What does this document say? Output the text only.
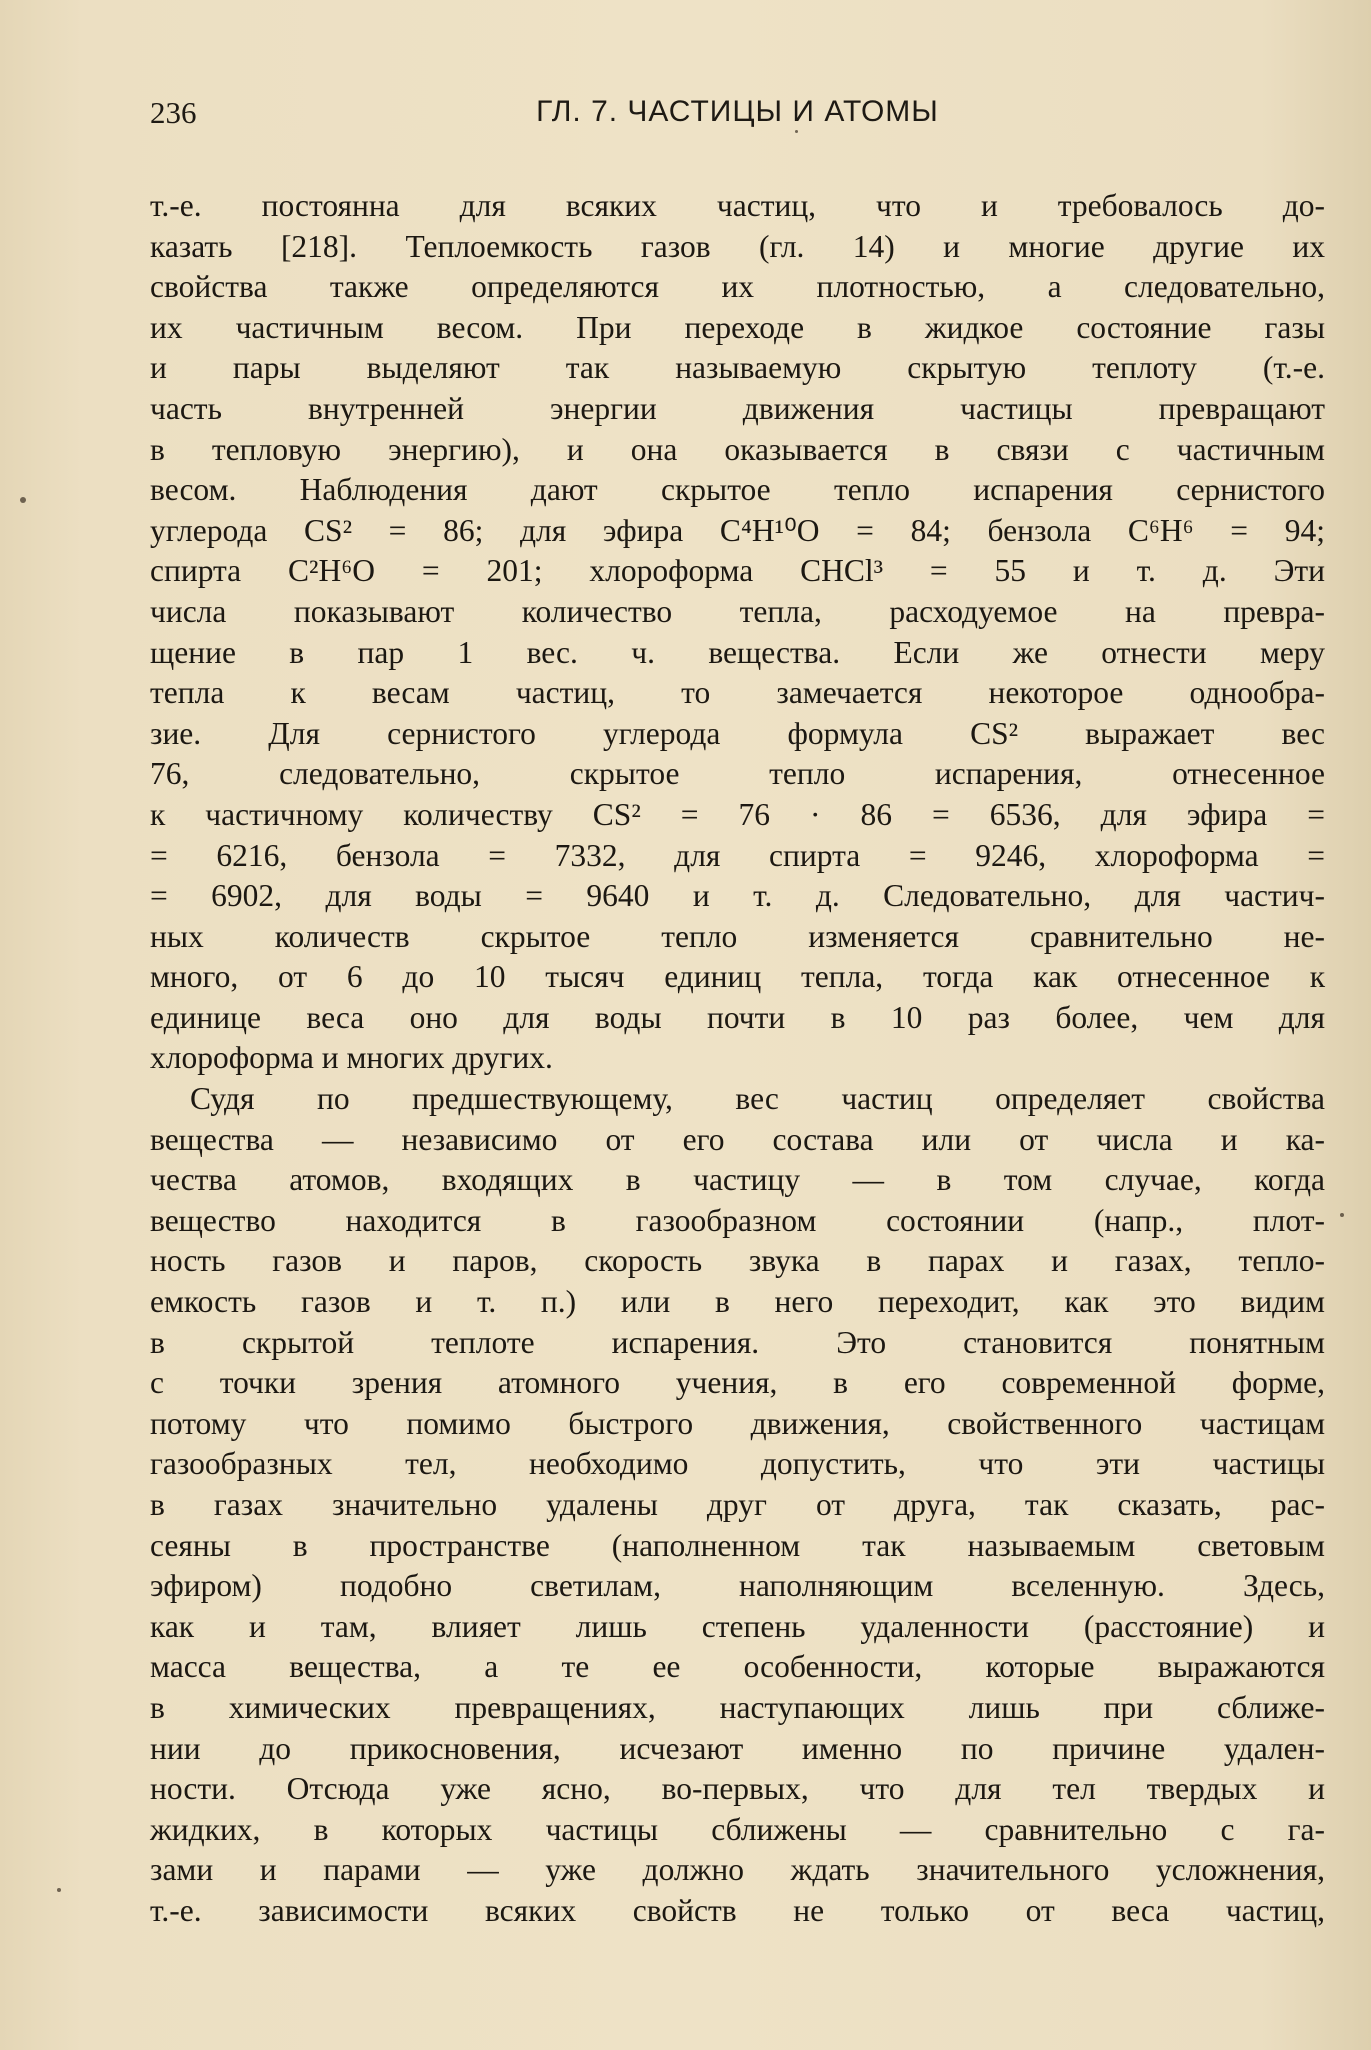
236	ГЛ. 7. ЧАСТИЦЫ И АТОМЫ
т.-е. постоянна для всяких частиц, что и требовалось до-
казать [218]. Теплоемкость газов (гл. 14) и многие другие их
свойства также определяются их плотностью, а следовательно,
их частичным весом. При переходе в жидкое состояние газы
и пары выделяют так называемую скрытую теплоту (т.-е.
часть внутренней энергии движения частицы превращают
в тепловую энергию), и она оказывается в связи с частичным
весом. Наблюдения дают скрытое тепло испарения сернистого
углерода CS² = 86; для эфира C⁴H¹⁰O = 84; бензола C⁶H⁶ = 94;
спирта C²H⁶O = 201; хлороформа CHCl³ = 55 и т. д. Эти
числа показывают количество тепла, расходуемое на превра-
щение в пар 1 вес. ч. вещества. Если же отнести меру
тепла к весам частиц, то замечается некоторое однообра-
зие. Для сернистого углерода формула CS² выражает вес
76, следовательно, скрытое тепло испарения, отнесенное
к частичному количеству CS² = 76 · 86 = 6536, для эфира =
= 6216, бензола = 7332, для спирта = 9246, хлороформа =
= 6902, для воды = 9640 и т. д. Следовательно, для частич-
ных количеств скрытое тепло изменяется сравнительно не-
много, от 6 до 10 тысяч единиц тепла, тогда как отнесенное к
единице веса оно для воды почти в 10 раз более, чем для
хлороформа и многих других.
Судя по предшествующему, вес частиц определяет свойства
вещества — независимо от его состава или от числа и ка-
чества атомов, входящих в частицу — в том случае, когда
вещество находится в газообразном состоянии (напр., плот-
ность газов и паров, скорость звука в парах и газах, тепло-
емкость газов и т. п.) или в него переходит, как это видим
в скрытой теплоте испарения. Это становится понятным
с точки зрения атомного учения, в его современной форме,
потому что помимо быстрого движения, свойственного частицам
газообразных тел, необходимо допустить, что эти частицы
в газах значительно удалены друг от друга, так сказать, рас-
сеяны в пространстве (наполненном так называемым световым
эфиром) подобно светилам, наполняющим вселенную. Здесь,
как и там, влияет лишь степень удаленности (расстояние) и
масса вещества, а те ее особенности, которые выражаются
в химических превращениях, наступающих лишь при сближе-
нии до прикосновения, исчезают именно по причине удален-
ности. Отсюда уже ясно, во-первых, что для тел твердых и
жидких, в которых частицы сближены — сравнительно с га-
зами и парами — уже должно ждать значительного усложнения,
т.-е. зависимости всяких свойств не только от веса частиц,
